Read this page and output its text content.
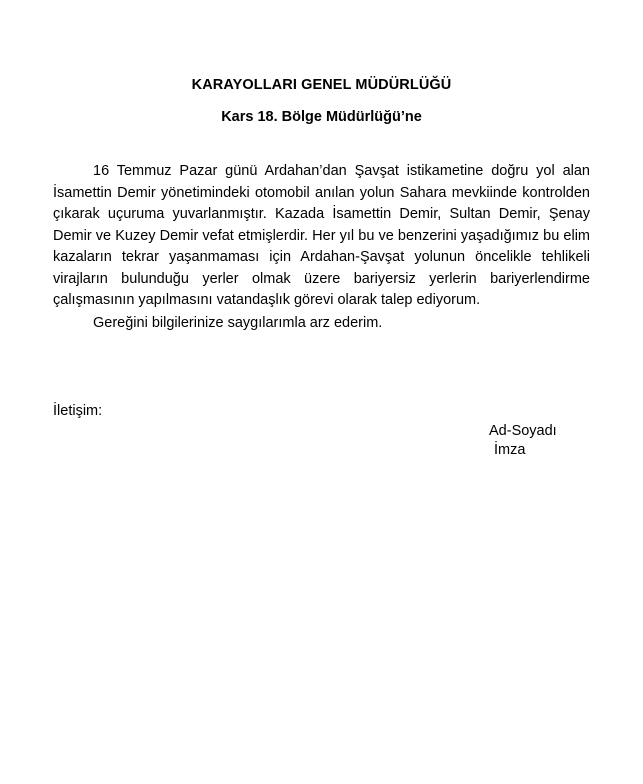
KARAYOLLARI GENEL MÜDÜRLÜĞÜ
Kars 18. Bölge Müdürlüğü’ne

16 Temmuz Pazar günü Ardahan’dan Şavşat istikametine doğru yol alan İsamettin Demir yönetimindeki otomobil anılan yolun Sahara mevkiinde kontrolden çıkarak uçuruma yuvarlanmıştır. Kazada İsamettin Demir, Sultan Demir, Şenay Demir ve Kuzey Demir vefat etmişlerdir. Her yıl bu ve benzerini yaşadığımız bu elim kazaların tekrar yaşanmaması için Ardahan-Şavşat yolunun öncelikle tehlikeli virajların bulunduğu yerler olmak üzere bariyersiz yerlerin bariyerlendirme çalışmasının yapılmasını vatandaşlık görevi olarak talep ediyorum.

Gereğini bilgilerinize saygılarımla arz ederim.
İletişim:
Ad-Soyadı
İmza
